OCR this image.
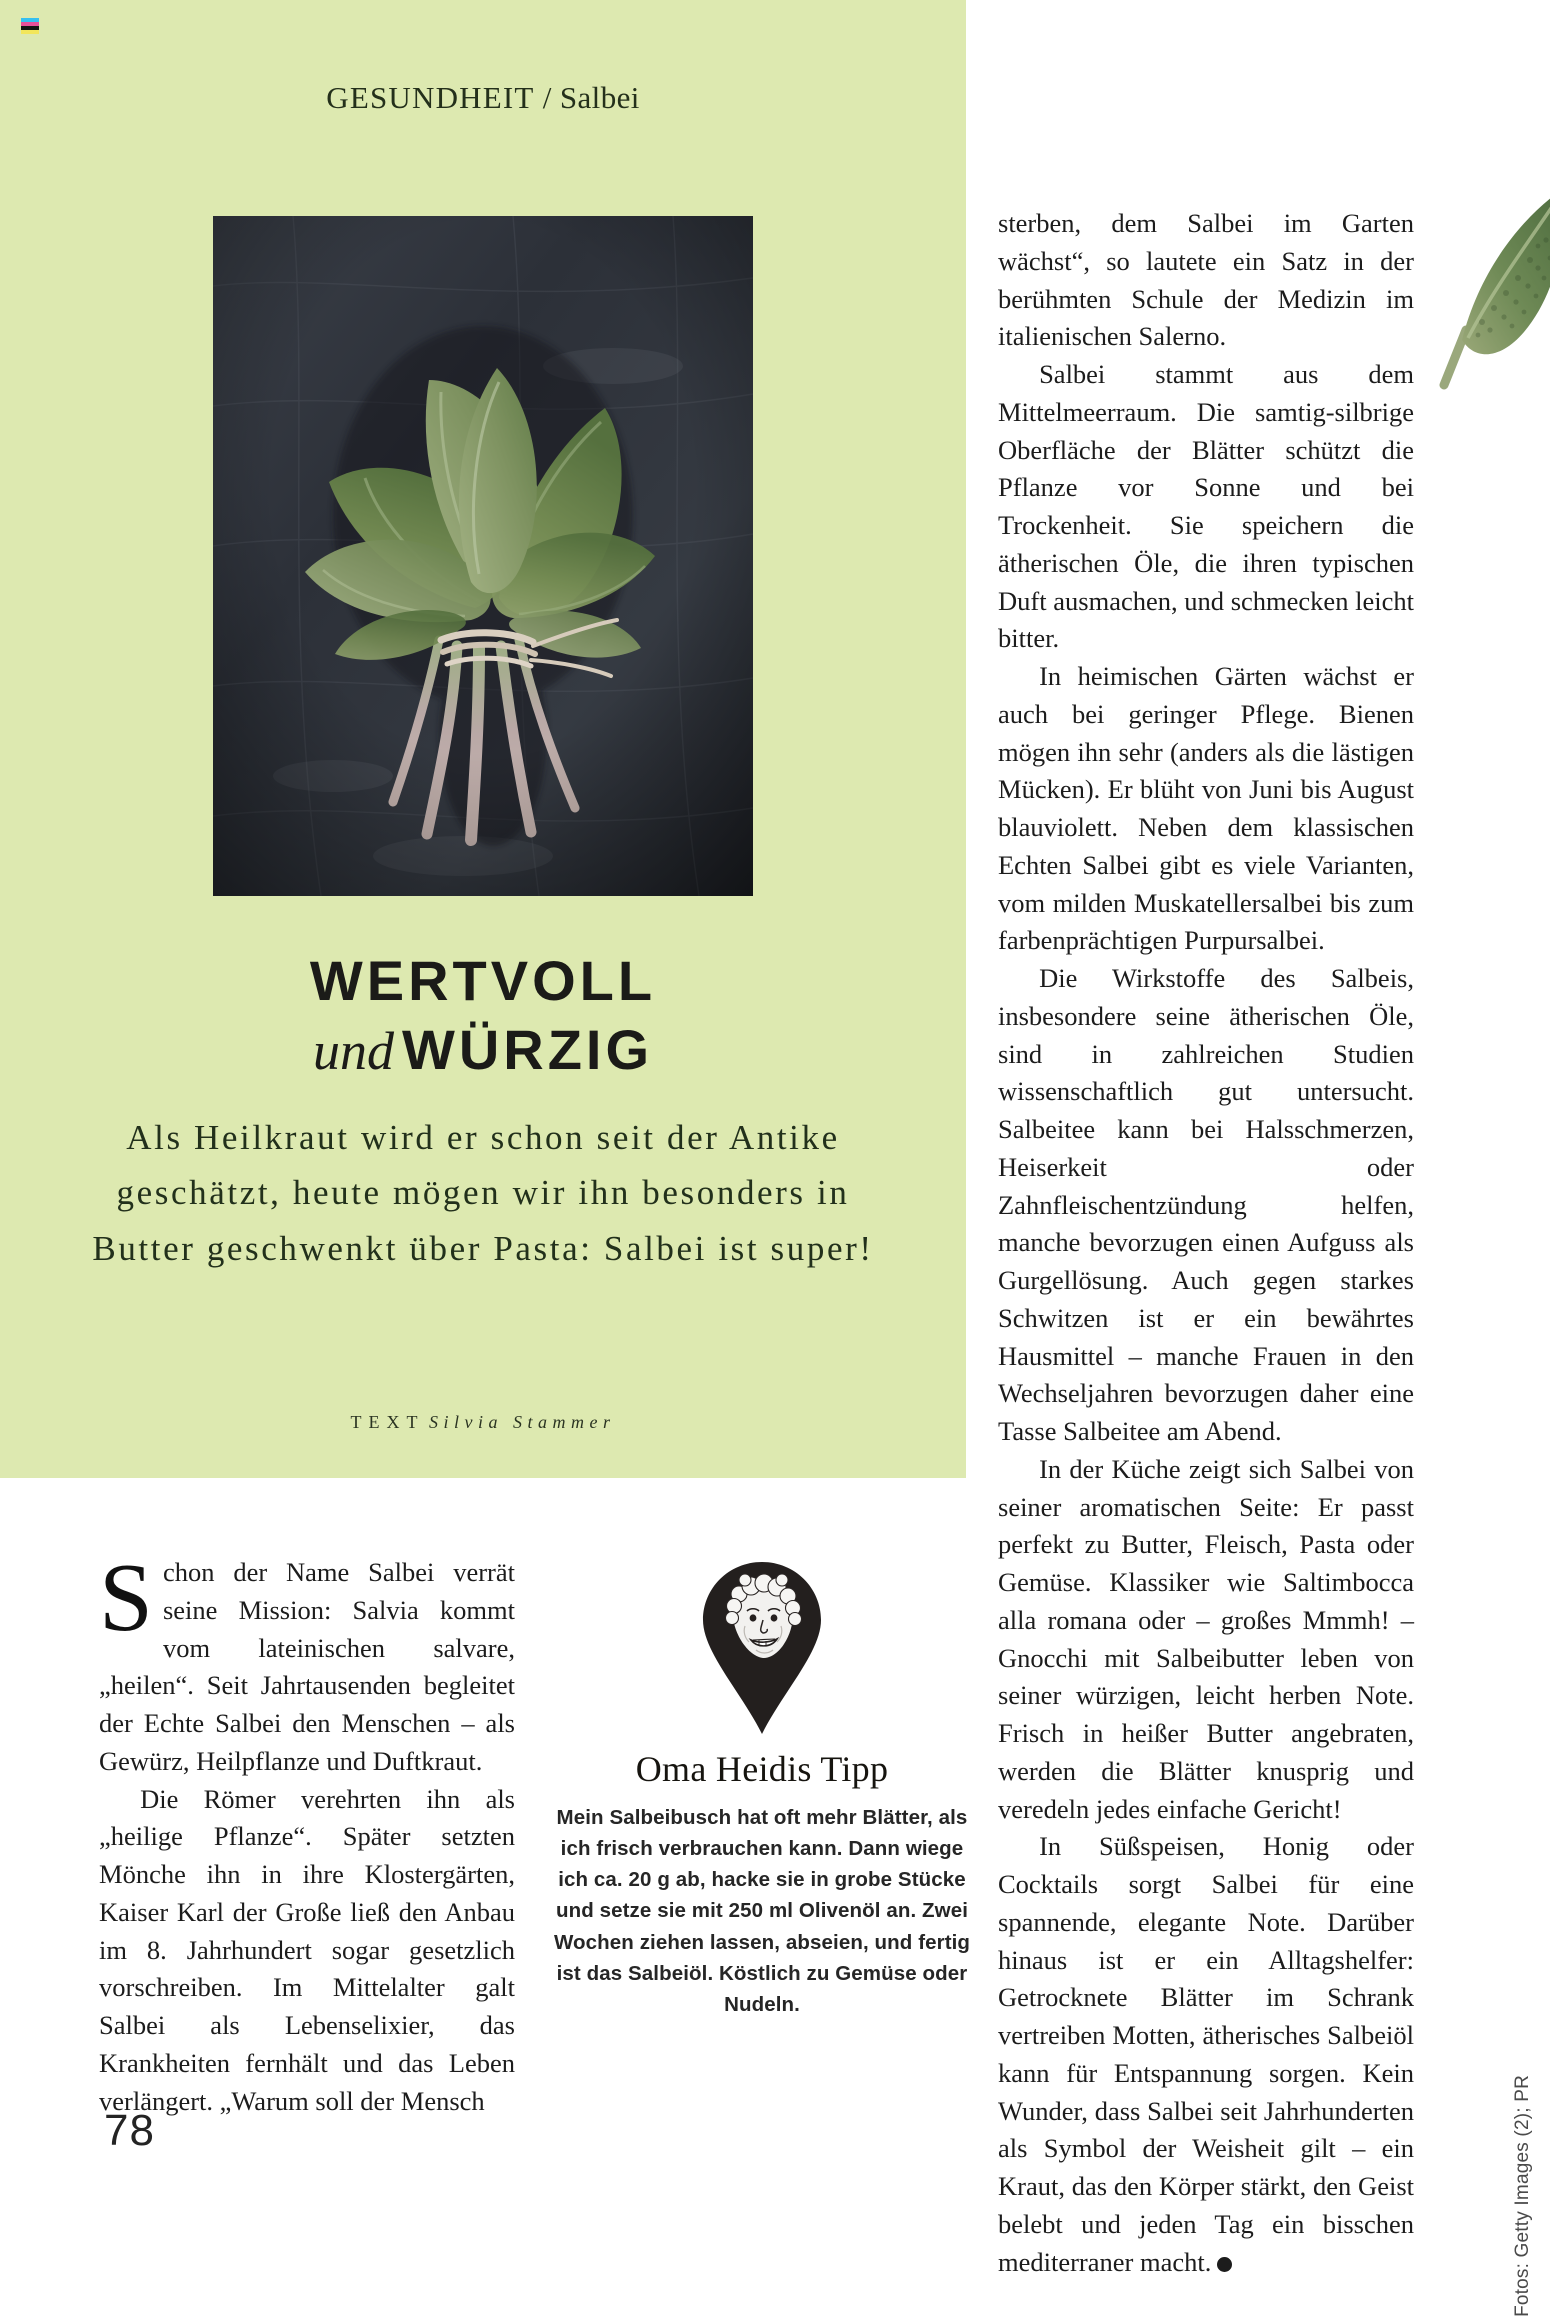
GESUNDHEIT / Salbei
WERTVOLL
und WÜRZIG
Als Heilkraut wird er schon seit der Antike geschätzt, heute mögen wir ihn besonders in Butter geschwenkt über Pasta: Salbei ist super!
TEXT Silvia Stammer

Schon der Name Salbei verrät seine Mission: Salvia kommt vom lateinischen salvare, „heilen“. Seit Jahrtausenden begleitet der Echte Salbei den Menschen – als Gewürz, Heilpflanze und Duftkraut.

Die Römer verehrten ihn als „heilige Pflanze“. Später setzten Mönche ihn in ihre Klostergärten, Kaiser Karl der Große ließ den Anbau im 8. Jahrhundert sogar gesetzlich vorschreiben. Im Mittelalter galt Salbei als Lebenselixier, das Krankheiten fernhält und das Leben verlängert. „Warum soll der Mensch

sterben, dem Salbei im Garten wächst“, so lautete ein Satz in der berühmten Schule der Medizin im italienischen Salerno.

Salbei stammt aus dem Mittelmeerraum. Die samtig-silbrige Oberfläche der Blätter schützt die Pflanze vor Sonne und bei Trockenheit. Sie speichern die ätherischen Öle, die ihren typischen Duft ausmachen, und schmecken leicht bitter.

In heimischen Gärten wächst er auch bei geringer Pflege. Bienen mögen ihn sehr (anders als die lästigen Mücken). Er blüht von Juni bis August blauviolett. Neben dem klassischen Echten Salbei gibt es viele Varianten, vom milden Muskatellersalbei bis zum farbenprächtigen Purpursalbei.

Die Wirkstoffe des Salbeis, insbesondere seine ätherischen Öle, sind in zahlreichen Studien wissenschaftlich gut untersucht. Salbeitee kann bei Halsschmerzen, Heiserkeit oder Zahnfleischentzündung helfen, manche bevorzugen einen Aufguss als Gurgellösung. Auch gegen starkes Schwitzen ist er ein bewährtes Hausmittel – manche Frauen in den Wechseljahren bevorzugen daher eine Tasse Salbeitee am Abend.

In der Küche zeigt sich Salbei von seiner aromatischen Seite: Er passt perfekt zu Butter, Fleisch, Pasta oder Gemüse. Klassiker wie Saltimbocca alla romana oder – großes Mmmh! – Gnocchi mit Salbeibutter leben von seiner würzigen, leicht herben Note. Frisch in heißer Butter angebraten, werden die Blätter knusprig und veredeln jedes einfache Gericht!

In Süßspeisen, Honig oder Cocktails sorgt Salbei für eine spannende, elegante Note. Darüber hinaus ist er ein Alltagshelfer: Getrocknete Blätter im Schrank vertreiben Motten, ätherisches Salbeiöl kann für Entspannung sorgen. Kein Wunder, dass Salbei seit Jahrhunderten als Symbol der Weisheit gilt – ein Kraut, das den Körper stärkt, den Geist belebt und jeden Tag ein bisschen mediterraner macht.

Oma Heidis Tipp
Mein Salbeibusch hat oft mehr Blätter, als ich frisch verbrauchen kann. Dann wiege ich ca. 20 g ab, hacke sie in grobe Stücke und setze sie mit 250 ml Olivenöl an. Zwei Wochen ziehen lassen, abseien, und fertig ist das Salbeiöl. Köstlich zu Gemüse oder Nudeln.
Fotos: Getty Images (2); PR
78
